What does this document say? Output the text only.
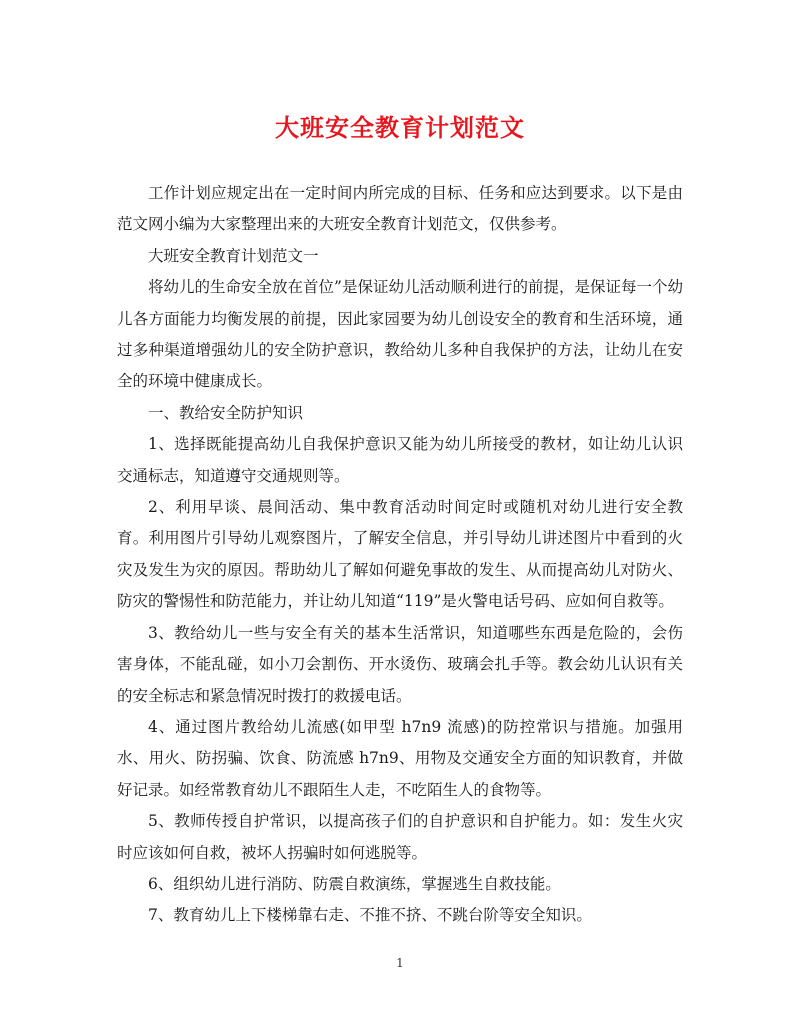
大班安全教育计划范文

工作计划应规定出在一定时间内所完成的目标、任务和应达到要求。以下是由范文网小编为大家整理出来的大班安全教育计划范文，仅供参考。

大班安全教育计划范文一

将幼儿的生命安全放在首位”是保证幼儿活动顺利进行的前提，是保证每一个幼儿各方面能力均衡发展的前提，因此家园要为幼儿创设安全的教育和生活环境，通过多种渠道增强幼儿的安全防护意识，教给幼儿多种自我保护的方法，让幼儿在安全的环境中健康成长。

一、教给安全防护知识

1、选择既能提高幼儿自我保护意识又能为幼儿所接受的教材，如让幼儿认识交通标志，知道遵守交通规则等。

2、利用早谈、晨间活动、集中教育活动时间定时或随机对幼儿进行安全教育。利用图片引导幼儿观察图片，了解安全信息，并引导幼儿讲述图片中看到的火灾及发生为灾的原因。帮助幼儿了解如何避免事故的发生、从而提高幼儿对防火、防灾的警惕性和防范能力，并让幼儿知道“119”是火警电话号码、应如何自救等。

3、教给幼儿一些与安全有关的基本生活常识，知道哪些东西是危险的，会伤害身体，不能乱碰，如小刀会割伤、开水烫伤、玻璃会扎手等。教会幼儿认识有关的安全标志和紧急情况时拨打的救援电话。

4、通过图片教给幼儿流感(如甲型 h7n9 流感)的防控常识与措施。加强用水、用火、防拐骗、饮食、防流感 h7n9、用物及交通安全方面的知识教育，并做好记录。如经常教育幼儿不跟陌生人走，不吃陌生人的食物等。

5、教师传授自护常识，以提高孩子们的自护意识和自护能力。如：发生火灾时应该如何自救，被坏人拐骗时如何逃脱等。

6、组织幼儿进行消防、防震自救演练，掌握逃生自救技能。

7、教育幼儿上下楼梯靠右走、不推不挤、不跳台阶等安全知识。

1
